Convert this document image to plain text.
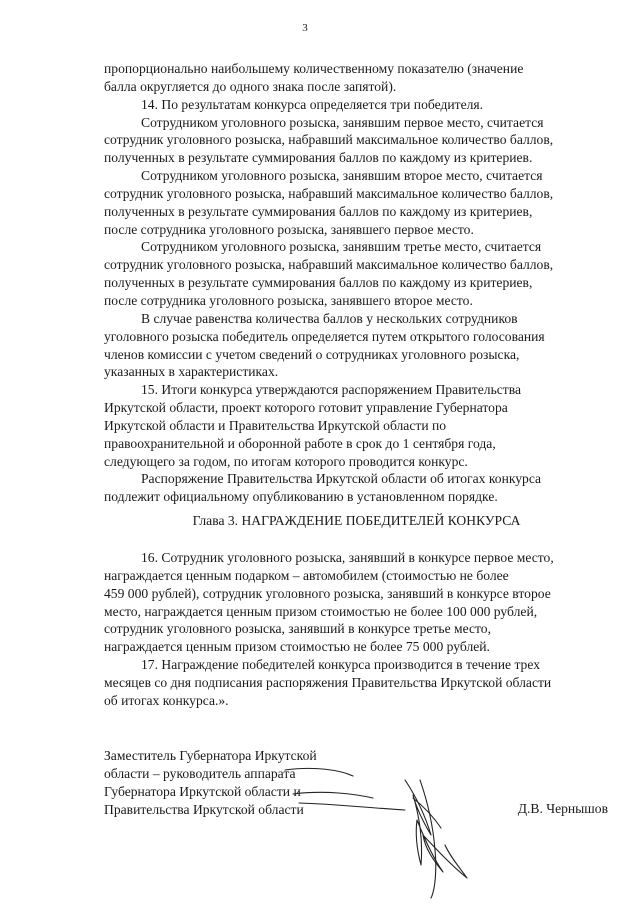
3

пропорционально наибольшему количественному показателю (значение
балла округляется до одного знака после запятой).

14. По результатам конкурса определяется три победителя.

Сотрудником уголовного розыска, занявшим первое место, считается
сотрудник уголовного розыска, набравший максимальное количество баллов,
полученных в результате суммирования баллов по каждому из критериев.

Сотрудником уголовного розыска, занявшим второе место, считается
сотрудник уголовного розыска, набравший максимальное количество баллов,
полученных в результате суммирования баллов по каждому из критериев,
после сотрудника уголовного розыска, занявшего первое место.

Сотрудником уголовного розыска, занявшим третье место, считается
сотрудник уголовного розыска, набравший максимальное количество баллов,
полученных в результате суммирования баллов по каждому из критериев,
после сотрудника уголовного розыска, занявшего второе место.

В случае равенства количества баллов у нескольких сотрудников
уголовного розыска победитель определяется путем открытого голосования
членов комиссии с учетом сведений о сотрудниках уголовного розыска,
указанных в характеристиках.

15. Итоги конкурса утверждаются распоряжением Правительства
Иркутской области, проект которого готовит управление Губернатора
Иркутской области и Правительства Иркутской области по
правоохранительной и оборонной работе в срок до 1 сентября года,
следующего за годом, по итогам которого проводится конкурс.

Распоряжение Правительства Иркутской области об итогах конкурса
подлежит официальному опубликованию в установленном порядке.

Глава 3. НАГРАЖДЕНИЕ ПОБЕДИТЕЛЕЙ КОНКУРСА

16. Сотрудник уголовного розыска, занявший в конкурсе первое место,
награждается ценным подарком – автомобилем (стоимостью не более
459 000 рублей), сотрудник уголовного розыска, занявший в конкурсе второе
место, награждается ценным призом стоимостью не более 100 000 рублей,
сотрудник уголовного розыска, занявший в конкурсе третье место,
награждается ценным призом стоимостью не более 75 000 рублей.

17. Награждение победителей конкурса производится в течение трех
месяцев со дня подписания распоряжения Правительства Иркутской области
об итогах конкурса.».

Заместитель Губернатора Иркутской
области – руководитель аппарата
Губернатора Иркутской области и
Правительства Иркутской области	Д.В. Чернышов
